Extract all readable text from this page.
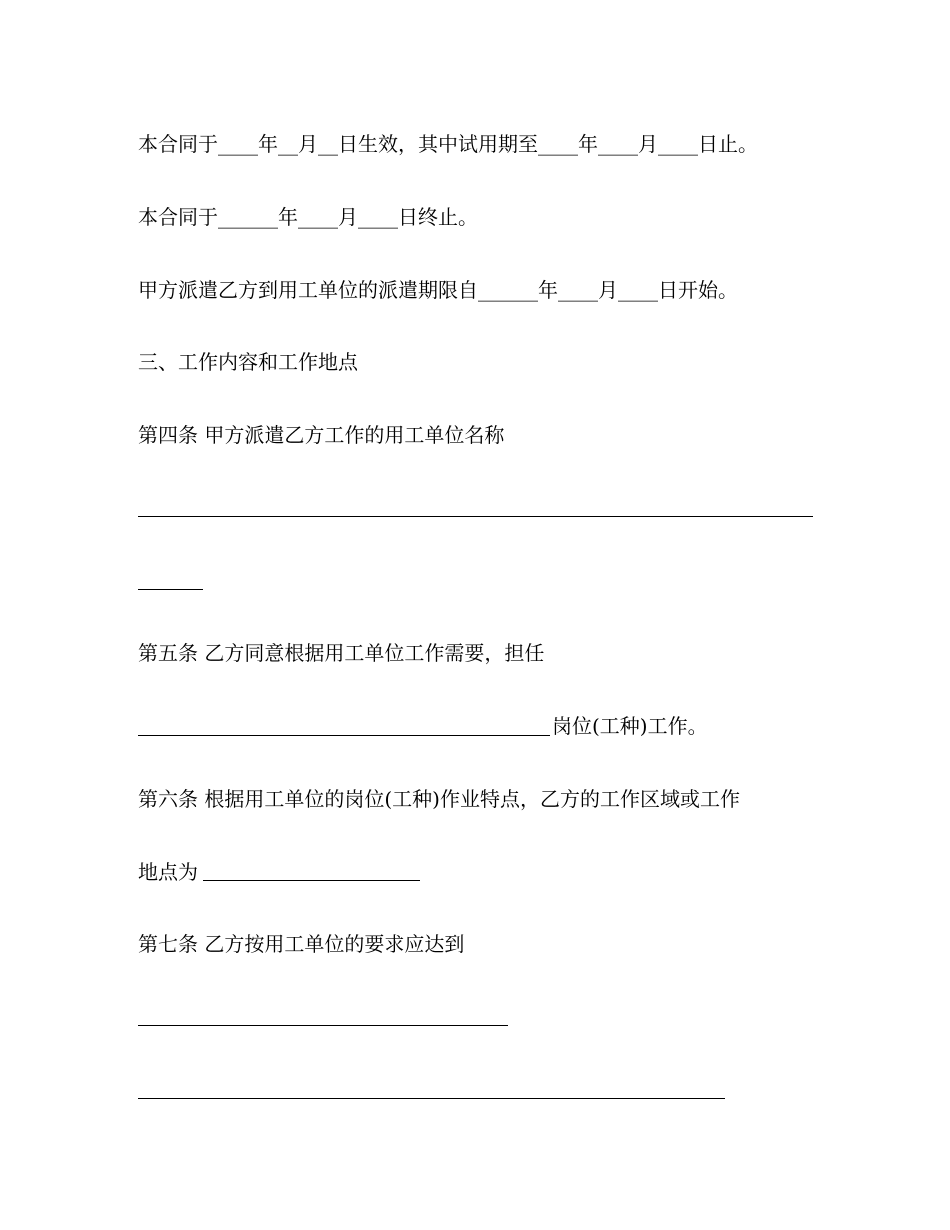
本合同于____年__月__日生效，其中试用期至____年____月____日止。
本合同于______年____月____日终止。
甲方派遣乙方到用工单位的派遣期限自______年____月____日开始。
三、工作内容和工作地点
第四条 甲方派遣乙方工作的用工单位名称
第五条 乙方同意根据用工单位工作需要，担任
岗位(工种)工作。
第六条 根据用工单位的岗位(工种)作业特点，乙方的工作区域或工作
地点为
第七条 乙方按用工单位的要求应达到
